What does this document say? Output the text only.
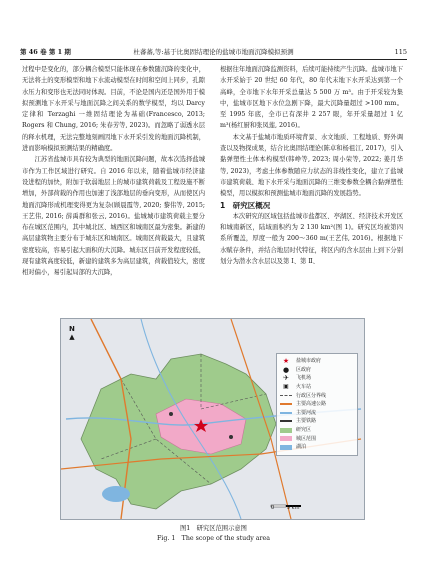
第 46 卷 第 1 期	杜蕃蕃,等:基于比奥固结理论的盐城市地面沉降模拟预测	115

过程中是变化的，部分耦合模型只能体现在参数随沉降的变化中，无法将土的变形模型和地下水流动模型在时间和空间上同步，孔隙水压力和变形也无法同时体现。目前，不论是国内还是国外用于模拟预测地下水开采与地面沉降之间关系的数学模型，均以 Darcy 定律和 Terzaghi 一维固结理论为基础(Francesco, 2013; Rogers 和 Chung, 2016; 朱春芳等, 2023)。而忽略了弱透水层的释水机理，无法完整地刻画因地下水开采引发的地面沉降机制，进而影响模拟预测结果的精确度。

江苏省盐城市具有较为典型的地面沉降问题，故本次选择盐城市作为工作区域进行研究。自 2016 年以来，随着盐城市经济建设进程的加快，附加于软弱地层上的城市建筑荷载及工程设施不断增加，外部荷载的作用也加速了浅部地层的垂向变形，从而使区内地面沉降形成机理变得更为复杂(顾晨霞等, 2020; 黎伟等, 2015; 王艺伟, 2016; 薛禹群和张云, 2016)。盐城城市建筑荷载主要分布在城区范围内，其中城北区、城西区和城南区最为密集。新建的高层建筑物主要分布于城东区和城南区。城南区荷载最大，且建筑密度较高，容易引起大面积的大沉降。城东区目前开发程度较低，现有建筑高度较低，新建的建筑多为高层建筑，荷载值较大，密度相对偏小，易引起局部的大沉降，

根据往年地面沉降监测资料，后续可能持续产生沉降。盐城市地下水开采始于 20 世纪 60 年代，80 年代末地下水开采达到第一个高峰，全市地下水年开采总量达 5 500 万 m³。由于开采较为集中，盐城市区地下水位急剧下降，最大沉降量超过 >100 mm。至 1995 年底，全市已有深井 2 257 眼，年开采量超过 1 亿 m³(杨红厨和张凤莲, 2016)。

本文基于盐城市地质环境背景、水文地质、工程地质、野外调查以及物探成果，结合比奥固结理论(陈卓和杨祖江, 2017)，引入黏弹塑性土体本构模型(韩峥等, 2023; 周小荣等, 2022; 姜月华等, 2023)，考虑土体参数随应力状态的非线性变化，建立了盐城市建筑荷载、地下水开采与地面沉降的三维变参数全耦合黏弹塑性模型，用以模拟和预测盐城市地面沉降的发展趋势。

1　研究区概况

本次研究的区域包括盐城市盐都区、亭湖区、经济技术开发区和城南新区，陆域面积约为 2 130 km²(图 1)。研究区均被第四系所覆盖，厚度一般为 200～360 m(王艺伟, 2016)。根据地下水赋存条件，并结合地层时代特征，将区内的含水层由上到下分别划分为潜水含水层以及第 Ⅰ、第 Ⅱ、

N
▲
★	盐城市政府
●	区政府
✈	飞机场
▣	火车站
行政区分界线
主要高速公路
主要河流
主要铁路
研究区
城区范围
湖泊
0	9 km
图1　研究区范围示意图
Fig. 1　The scope of the study area
